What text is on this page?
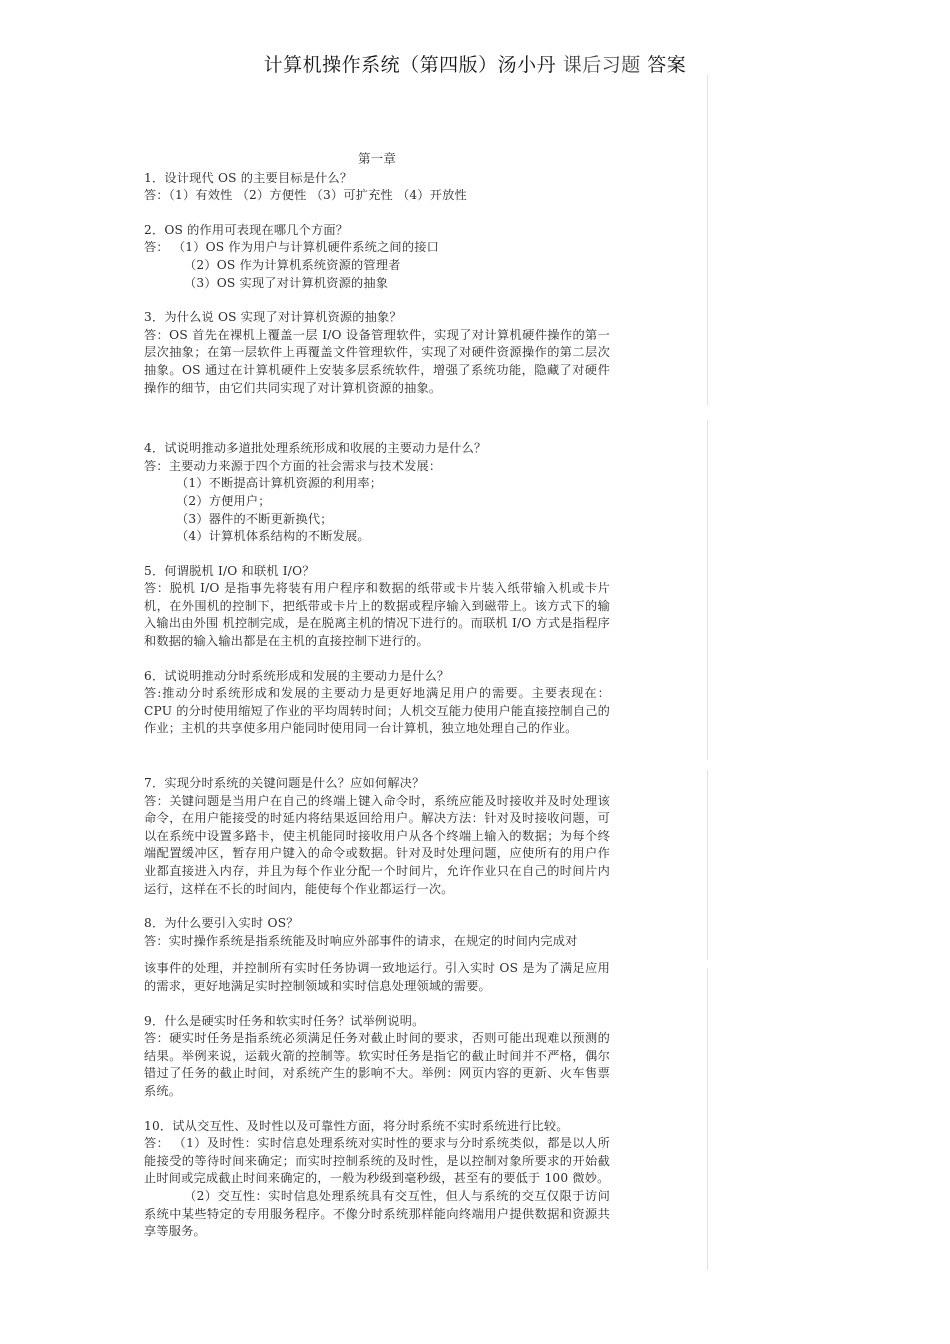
计算机操作系统（第四版）汤小丹 课后习题 答案
第一章

1．设计现代 OS 的主要目标是什么？

答：（1）有效性 （2）方便性 （3）可扩充性 （4）开放性

2．OS 的作用可表现在哪几个方面？

答： （1）OS 作为用户与计算机硬件系统之间的接口

（2）OS 作为计算机系统资源的管理者

（3）OS 实现了对计算机资源的抽象

3．为什么说 OS 实现了对计算机资源的抽象？

答：OS 首先在裸机上覆盖一层 I/O 设备管理软件，实现了对计算机硬件操作的第一层次抽象；在第一层软件上再覆盖文件管理软件，实现了对硬件资源操作的第二层次抽象。OS 通过在计算机硬件上安装多层系统软件，增强了系统功能，隐藏了对硬件操作的细节，由它们共同实现了对计算机资源的抽象。

4．试说明推动多道批处理系统形成和收展的主要动力是什么？

答：主要动力来源于四个方面的社会需求与技术发展：

（1）不断提高计算机资源的利用率；

（2）方便用户；

（3）器件的不断更新换代；

（4）计算机体系结构的不断发展。

5．何谓脱机 I/O 和联机 I/O？

答：脱机 I/O 是指事先将装有用户程序和数据的纸带或卡片装入纸带输入机或卡片机，在外围机的控制下，把纸带或卡片上的数据或程序输入到磁带上。该方式下的输入输出由外围 机控制完成，是在脱离主机的情况下进行的。而联机 I/O 方式是指程序和数据的输入输出都是在主机的直接控制下进行的。

6．试说明推动分时系统形成和发展的主要动力是什么？

答:推动分时系统形成和发展的主要动力是更好地满足用户的需要。主要表现在：CPU 的分时使用缩短了作业的平均周转时间；人机交互能力使用户能直接控制自己的作业；主机的共享使多用户能同时使用同一台计算机，独立地处理自己的作业。

7．实现分时系统的关键问题是什么？应如何解决？

答：关键问题是当用户在自己的终端上键入命令时，系统应能及时接收并及时处理该命令，在用户能接受的时延内将结果返回给用户。解决方法：针对及时接收问题，可以在系统中设置多路卡，使主机能同时接收用户从各个终端上输入的数据；为每个终端配置缓冲区，暂存用户键入的命令或数据。针对及时处理问题，应使所有的用户作业都直接进入内存，并且为每个作业分配一个时间片，允许作业只在自己的时间片内运行，这样在不长的时间内，能使每个作业都运行一次。

8．为什么要引入实时 OS？

答：实时操作系统是指系统能及时响应外部事件的请求，在规定的时间内完成对

该事件的处理，并控制所有实时任务协调一致地运行。引入实时 OS 是为了满足应用的需求，更好地满足实时控制领域和实时信息处理领域的需要。

9．什么是硬实时任务和软实时任务？试举例说明。

答：硬实时任务是指系统必须满足任务对截止时间的要求，否则可能出现难以预测的结果。举例来说，运载火箭的控制等。软实时任务是指它的截止时间并不严格，偶尔错过了任务的截止时间，对系统产生的影响不大。举例：网页内容的更新、火车售票系统。

10．试从交互性、及时性以及可靠性方面，将分时系统不实时系统进行比较。

答： （1）及时性：实时信息处理系统对实时性的要求与分时系统类似，都是以人所能接受的等待时间来确定；而实时控制系统的及时性，是以控制对象所要求的开始截止时间或完成截止时间来确定的，一般为秒级到毫秒级，甚至有的要低于 100 微妙。

（2）交互性：实时信息处理系统具有交互性，但人与系统的交互仅限于访问系统中某些特定的专用服务程序。不像分时系统那样能向终端用户提供数据和资源共享等服务。
